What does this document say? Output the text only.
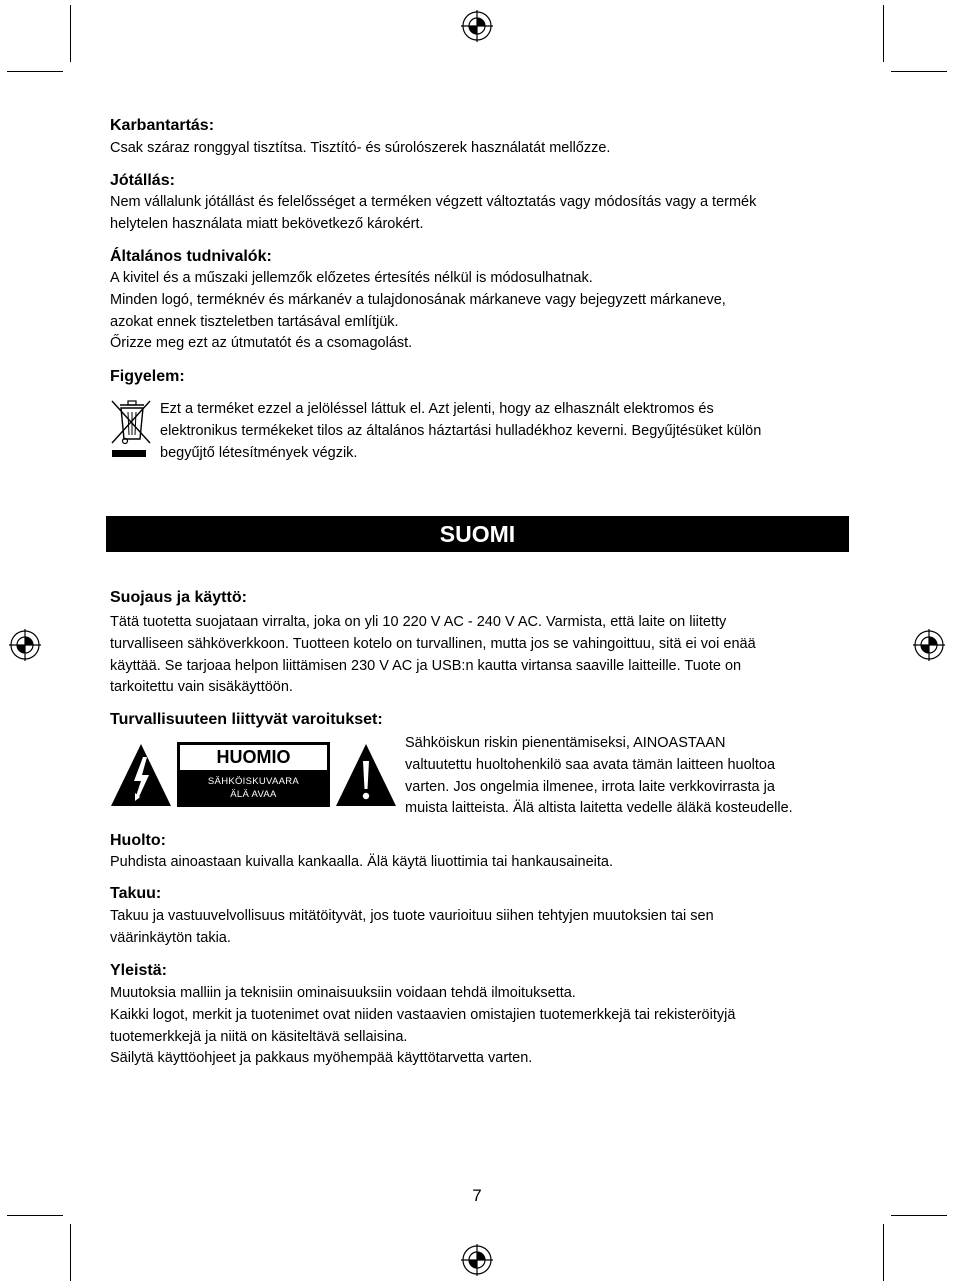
Karbantartás:
Csak száraz ronggyal tisztítsa. Tisztító- és súrolószerek használatát mellőzze.
Jótállás:
Nem vállalunk jótállást és felelősséget a terméken végzett változtatás vagy módosítás vagy a termék
helytelen használata miatt bekövetkező károkért.
Általános tudnivalók:
A kivitel és a műszaki jellemzők előzetes értesítés nélkül is módosulhatnak.
Minden logó, terméknév és márkanév a tulajdonosának márkaneve vagy bejegyzett márkaneve,
azokat ennek tiszteletben tartásával említjük.
Őrizze meg ezt az útmutatót és a csomagolást.
Figyelem:
Ezt a terméket ezzel a jelöléssel láttuk el. Azt jelenti, hogy az elhasznált elektromos és
elektronikus termékeket tilos az általános háztartási hulladékhoz keverni. Begyűjtésüket külön
begyűjtő létesítmények végzik.
SUOMI
Suojaus ja käyttö:
Tätä tuotetta suojataan virralta, joka on yli 10 220 V AC - 240 V AC. Varmista, että laite on liitetty
turvalliseen sähköverkkoon. Tuotteen kotelo on turvallinen, mutta jos se vahingoittuu, sitä ei voi enää
käyttää. Se tarjoaa helpon liittämisen 230 V AC ja USB:n kautta virtansa saaville laitteille. Tuote on
tarkoitettu vain sisäkäyttöön.
Turvallisuuteen liittyvät varoitukset:
HUOMIO
SÄHKÖISKUVAARA
ÄLÄ AVAA
Sähköiskun riskin pienentämiseksi, AINOASTAAN
valtuutettu huoltohenkilö saa avata tämän laitteen huoltoa
varten. Jos ongelmia ilmenee, irrota laite verkkovirrasta ja
muista laitteista. Älä altista laitetta vedelle äläkä kosteudelle.
Huolto:
Puhdista ainoastaan kuivalla kankaalla. Älä käytä liuottimia tai hankausaineita.
Takuu:
Takuu ja vastuuvelvollisuus mitätöityvät, jos tuote vaurioituu siihen tehtyjen muutoksien tai sen
väärinkäytön takia.
Yleistä:
Muutoksia malliin ja teknisiin ominaisuuksiin voidaan tehdä ilmoituksetta.
Kaikki logot, merkit ja tuotenimet ovat niiden vastaavien omistajien tuotemerkkejä tai rekisteröityjä
tuotemerkkejä ja niitä on käsiteltävä sellaisina.
Säilytä käyttöohjeet ja pakkaus myöhempää käyttötarvetta varten.
7
